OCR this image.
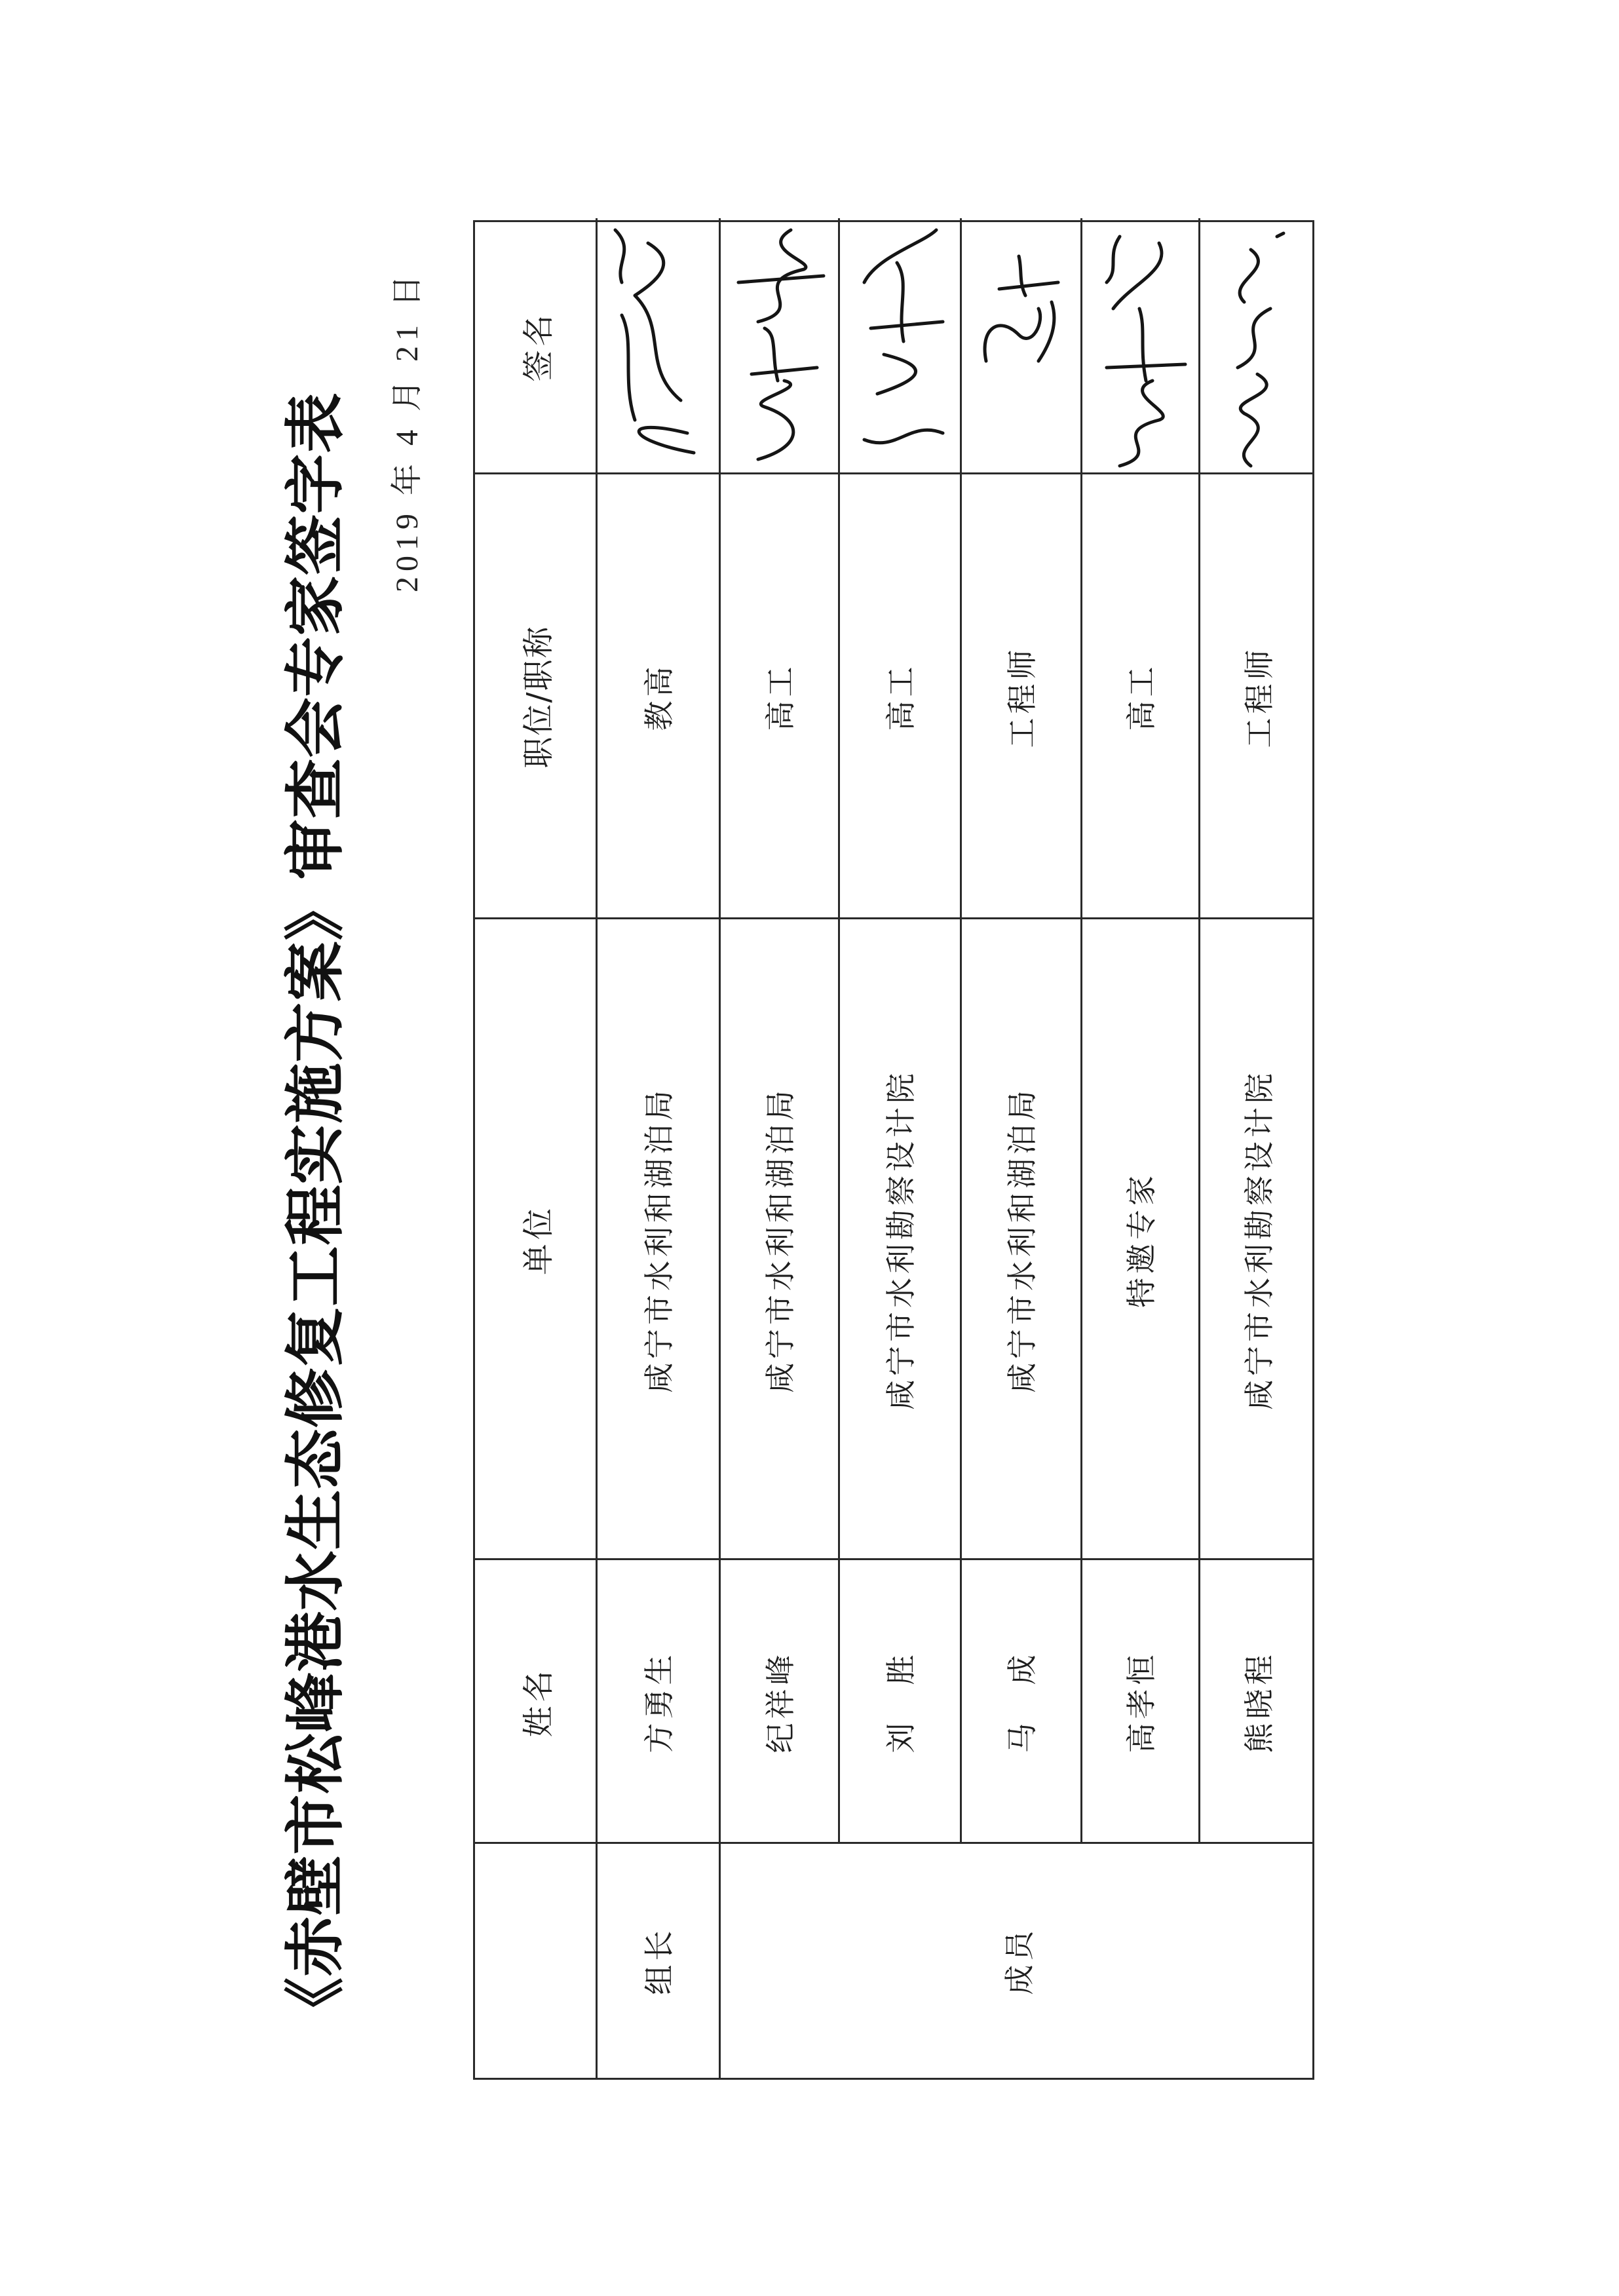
《赤壁市松峰港水生态修复工程实施方案》审查会专家签字表 2019 年 4 月 21 日
姓名
单位
职位/职称
签名
组长	成员
方勇生
咸宁市水利和湖泊局
教高
纪祥峰
咸宁市水利和湖泊局
高工
刘　胜
咸宁市水利勘察设计院
高工
马　成
咸宁市水利和湖泊局
工程师
高孝恒
特邀专家
高工
熊晓程
咸宁市水利勘察设计院
工程师
